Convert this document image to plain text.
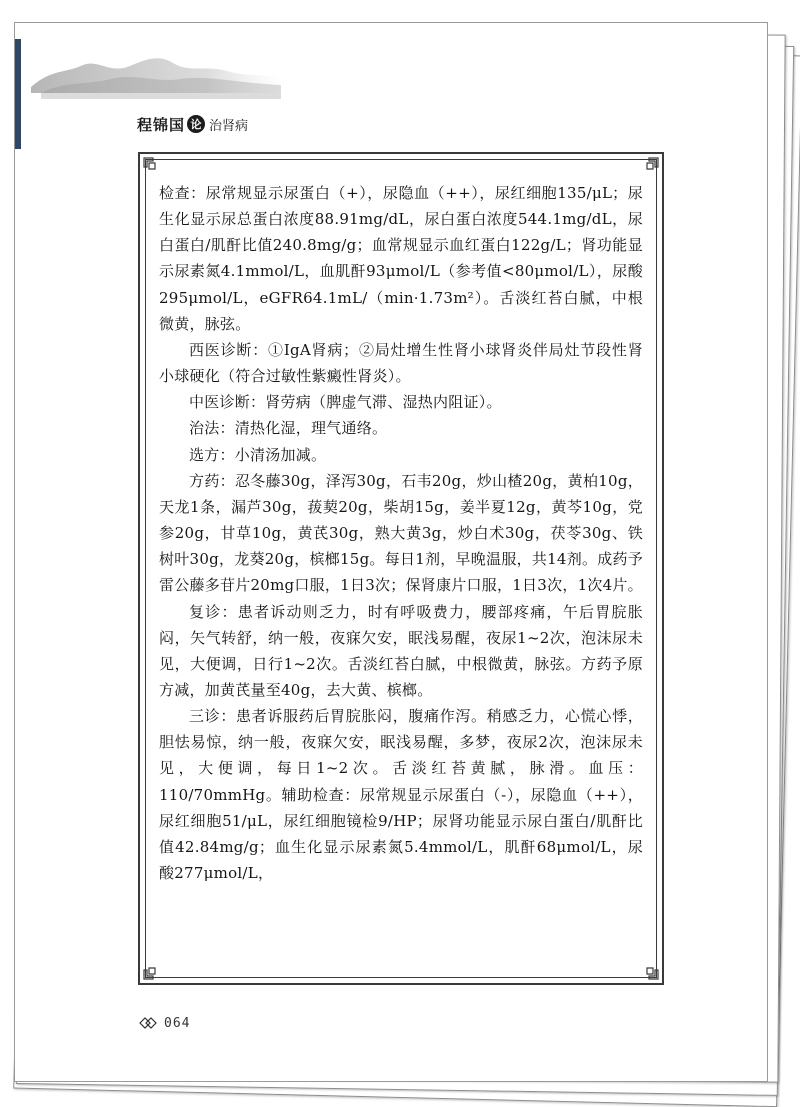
程锦国 论 治肾病

检查：尿常规显示尿蛋白（+），尿隐血（++），尿红细胞135/μL；尿生化显示尿总蛋白浓度88.91mg/dL，尿白蛋白浓度544.1mg/dL，尿白蛋白/肌酐比值240.8mg/g；血常规显示血红蛋白122g/L；肾功能显示尿素氮4.1mmol/L，血肌酐93μmol/L（参考值<80μmol/L），尿酸295μmol/L，eGFR64.1mL/（min·1.73m²）。舌淡红苔白腻，中根微黄，脉弦。

西医诊断：①IgA肾病；②局灶增生性肾小球肾炎伴局灶节段性肾小球硬化（符合过敏性紫癜性肾炎）。

中医诊断：肾劳病（脾虚气滞、湿热内阻证）。

治法：清热化湿，理气通络。

选方：小清汤加减。

方药：忍冬藤30g，泽泻30g，石韦20g，炒山楂20g，黄柏10g，天龙1条，漏芦30g，菝葜20g，柴胡15g，姜半夏12g，黄芩10g，党参20g，甘草10g，黄芪30g，熟大黄3g，炒白术30g，茯苓30g、铁树叶30g，龙葵20g，槟榔15g。每日1剂，早晚温服，共14剂。成药予雷公藤多苷片20mg口服，1日3次；保肾康片口服，1日3次，1次4片。

复诊：患者诉动则乏力，时有呼吸费力，腰部疼痛，午后胃脘胀闷，矢气转舒，纳一般，夜寐欠安，眠浅易醒，夜尿1~2次，泡沫尿未见，大便调，日行1~2次。舌淡红苔白腻，中根微黄，脉弦。方药予原方减，加黄芪量至40g，去大黄、槟榔。

三诊：患者诉服药后胃脘胀闷，腹痛作泻。稍感乏力，心慌心悸，胆怯易惊，纳一般，夜寐欠安，眠浅易醒，多梦，夜尿2次，泡沫尿未见，大便调，每日1~2次。舌淡红苔黄腻，脉滑。血压：110/70mmHg。辅助检查：尿常规显示尿蛋白（-），尿隐血（++），尿红细胞51/μL，尿红细胞镜检9/HP；尿肾功能显示尿白蛋白/肌酐比值42.84mg/g；血生化显示尿素氮5.4mmol/L，肌酐68μmol/L，尿酸277μmol/L，

064
